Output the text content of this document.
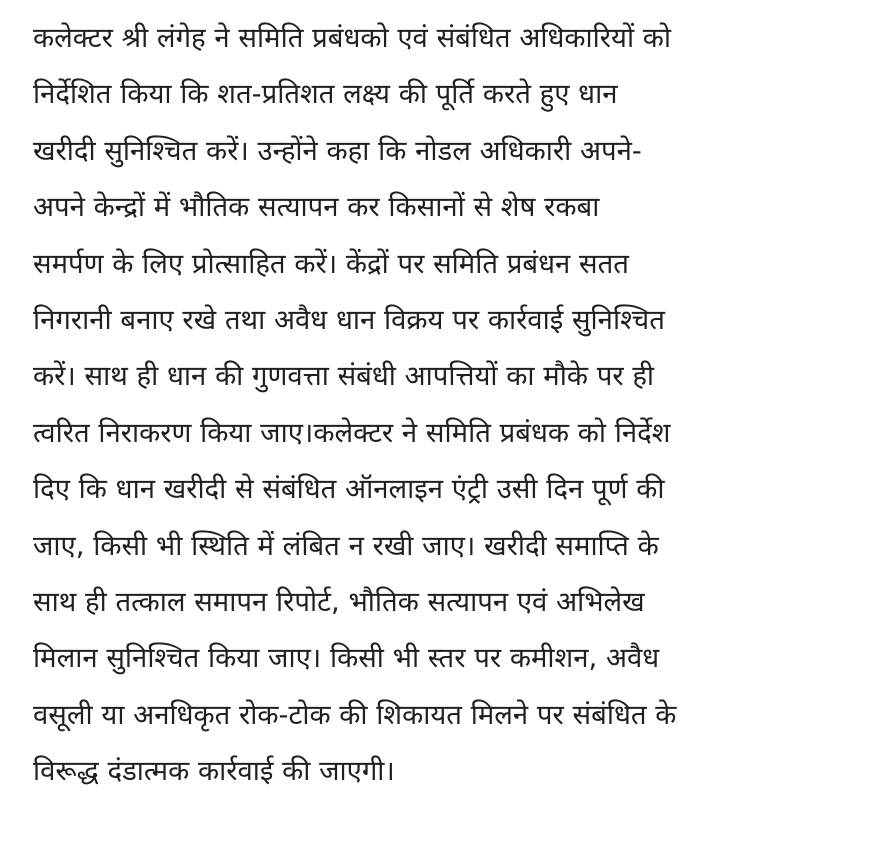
कलेक्टर श्री लंगेह ने समिति प्रबंधको एवं संबंधित अधिकारियों को
निर्देशित किया कि शत-प्रतिशत लक्ष्य की पूर्ति करते हुए धान
खरीदी सुनिश्चित करें। उन्होंने कहा कि नोडल अधिकारी अपने-
अपने केन्द्रों में भौतिक सत्यापन कर किसानों से शेष रकबा
समर्पण के लिए प्रोत्साहित करें। केंद्रों पर समिति प्रबंधन सतत
निगरानी बनाए रखे तथा अवैध धान विक्रय पर कार्रवाई सुनिश्चित
करें। साथ ही धान की गुणवत्ता संबंधी आपत्तियों का मौके पर ही
त्वरित निराकरण किया जाए।कलेक्टर ने समिति प्रबंधक को निर्देश
दिए कि धान खरीदी से संबंधित ऑनलाइन एंट्री उसी दिन पूर्ण की
जाए, किसी भी स्थिति में लंबित न रखी जाए। खरीदी समाप्ति के
साथ ही तत्काल समापन रिपोर्ट, भौतिक सत्यापन एवं अभिलेख
मिलान सुनिश्चित किया जाए। किसी भी स्तर पर कमीशन, अवैध
वसूली या अनधिकृत रोक-टोक की शिकायत मिलने पर संबंधित के
विरूद्ध दंडात्मक कार्रवाई की जाएगी।
